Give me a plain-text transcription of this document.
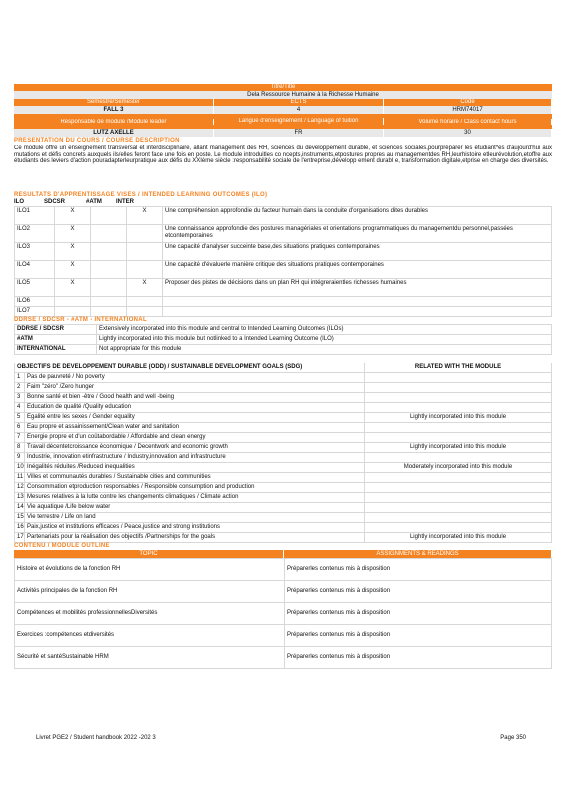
Titre/Title
Dela Ressource Humaine à la Richesse Humaine
Semestre/Semester	ECTS	Code
FALL 3	4	HRM74017
Responsable de module /Module leader	Langue d'enseignement / Language of tuition	Volume horaire / Class contact hours
LUTZ AXELLE	FR	30
PRESENTATION DU COURS / COURSE DESCRIPTION
Ce module offre un enseignement transversal et interdisciplinaire, allant management des RH, sciences du développement durable, et sciences sociales,pourpréparer les étudiant*es d'aujourd'hui aux mutations et défis concrets auxquels ils/elles feront face une fois en poste. Le module introduitles co ncepts,instruments,etpostures propres au managementdes RH,leurhistoire etleurévolution,etoffre aux étudiants des leviers d'action pouradapterleurpratique aux défis du XXIème siècle :responsabilité sociale de l'entreprise,développ ement durabl e, transformation digitale,etprise en charge des diversités.
RESULTATS D'APPRENTISSAGE VISES / INTENDED LEARNING OUTCOMES (ILO)
ILO	SDCSR	#ATM	INTER
ILO1	X		X	Une compréhension approfondie du facteur humain dans la conduite d'organisations dites durables
ILO2	X			Une connaissance approfondie des postures managériales et orientations programmatiques du managementdu personnel,passées etcontemporaines
ILO3	X			Une capacité d'analyser succeinte base,des situations pratiques contemporaines
ILO4	X			Une capacité d'évaluerle manière critique des situations pratiques contemporaines
ILO5	X		X	Proposer des pistes de décisions dans un plan RH qui intégreraientles richesses humaines
ILO6				
ILO7				
DDRSE / SDCSR - #ATM - INTERNATIONAL
DDRSE / SDCSR	Extensively incorporated into this module and central to Intended Learning Outcomes (ILOs)
#ATM	Lightly incorporated into this module but notlinked to a Intended Learning Outcome (ILO)
INTERNATIONAL	Not appropriate for this module
OBJECTIFS DE DEVELOPPEMENT DURABLE (ODD) / SUSTAINABLE DEVELOPMENT GOALS (SDG)		RELATED WITH THE MODULE
1	Pas de pauvreté / No poverty	
2	Faim "zéro" /Zero hunger	
3	Bonne santé et bien -être / Good health and well -being	
4	Education de qualité /Quality education	
5	Egalité entre les sexes / Gender equality	Lightly incorporated into this module
6	Eau propre et assainissement/Clean water and sanitation	
7	Energie propre et d'un coûtabordable / Affordable and clean energy	
8	Travail décentetcroissance économique / Decentwork and economic growth	Lightly incorporated into this module
9	Industrie, innovation etinfrastructure / Industry,innovation and infrastructure	
10	Inégalités réduites /Reduced inequalities	Moderately incorporated into this module
11	Villes et communautés durables / Sustainable cities and communities	
12	Consommation etproduction responsables / Responsible consumption and production	
13	Mesures relatives à la lutte contre les changements climatiques / Climate action	
14	Vie aquatique /Life below water	
15	Vie terrestre / Life on land	
16	Paix,justice et institutions efficaces / Peace,justice and strong institutions	
17	Partenariats pour la réalisation des objectifs /Partnerships for the goals	Lightly incorporated into this module
CONTENU / MODULE OUTLINE
TOPIC	ASSIGNMENTS & READINGS
Histoire et évolutions de la fonction RH	Préparerles contenus mis à disposition
Activités principales de la fonction RH	Préparerles contenus mis à disposition
Compétences et mobilités professionnellesDiversités	Préparerles contenus mis à disposition
Exercices :compétences etdiversités	Préparerles contenus mis à disposition
Sécurité et santéSustainable HRM	Préparerles contenus mis à disposition
Livret PGE2 / Student handbook 2022 -202 3	Page 350
